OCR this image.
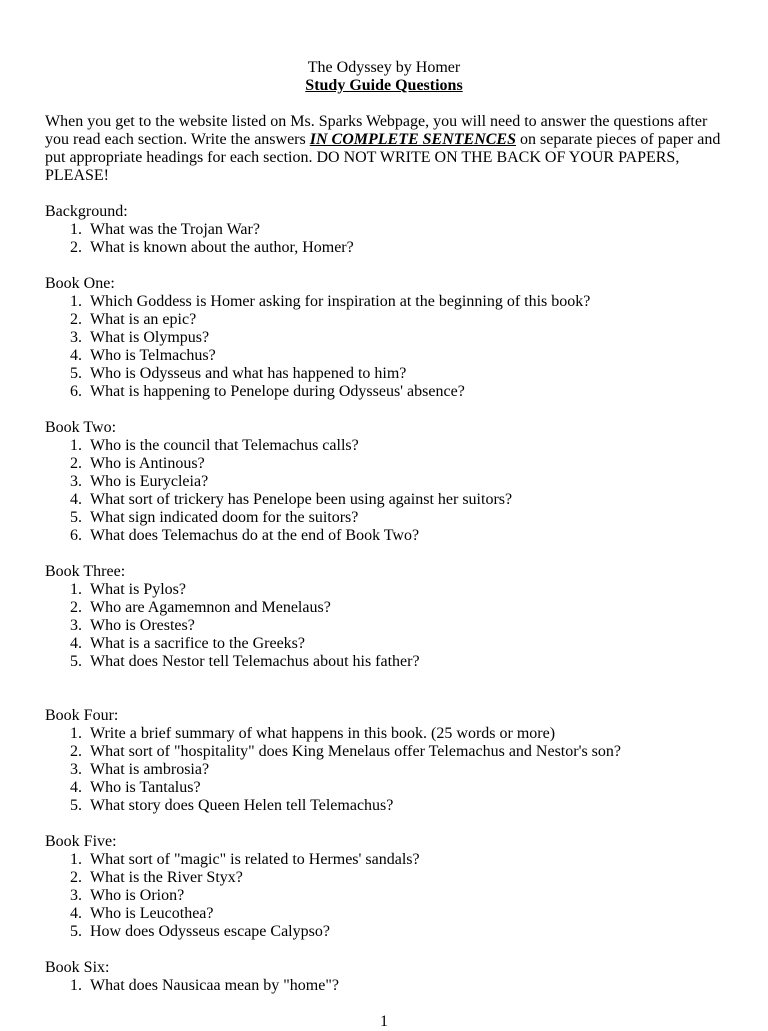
The Odyssey by Homer

Study Guide Questions

When you get to the website listed on Ms. Sparks Webpage, you will need to answer the questions after you read each section. Write the answers IN COMPLETE SENTENCES on separate pieces of paper and put appropriate headings for each section. DO NOT WRITE ON THE BACK OF YOUR PAPERS, PLEASE!

Background:

1. What was the Trojan War?
2. What is known about the author, Homer?

Book One:

1. Which Goddess is Homer asking for inspiration at the beginning of this book?
2. What is an epic?
3. What is Olympus?
4. Who is Telmachus?
5. Who is Odysseus and what has happened to him?
6. What is happening to Penelope during Odysseus' absence?

Book Two:

1. Who is the council that Telemachus calls?
2. Who is Antinous?
3. Who is Eurycleia?
4. What sort of trickery has Penelope been using against her suitors?
5. What sign indicated doom for the suitors?
6. What does Telemachus do at the end of Book Two?

Book Three:

1. What is Pylos?
2. Who are Agamemnon and Menelaus?
3. Who is Orestes?
4. What is a sacrifice to the Greeks?
5. What does Nestor tell Telemachus about his father?

Book Four:

1. Write a brief summary of what happens in this book. (25 words or more)
2. What sort of "hospitality" does King Menelaus offer Telemachus and Nestor's son?
3. What is ambrosia?
4. Who is Tantalus?
5. What story does Queen Helen tell Telemachus?

Book Five:

1. What sort of "magic" is related to Hermes' sandals?
2. What is the River Styx?
3. Who is Orion?
4. Who is Leucothea?
5. How does Odysseus escape Calypso?

Book Six:

1. What does Nausicaa mean by "home"?

1
